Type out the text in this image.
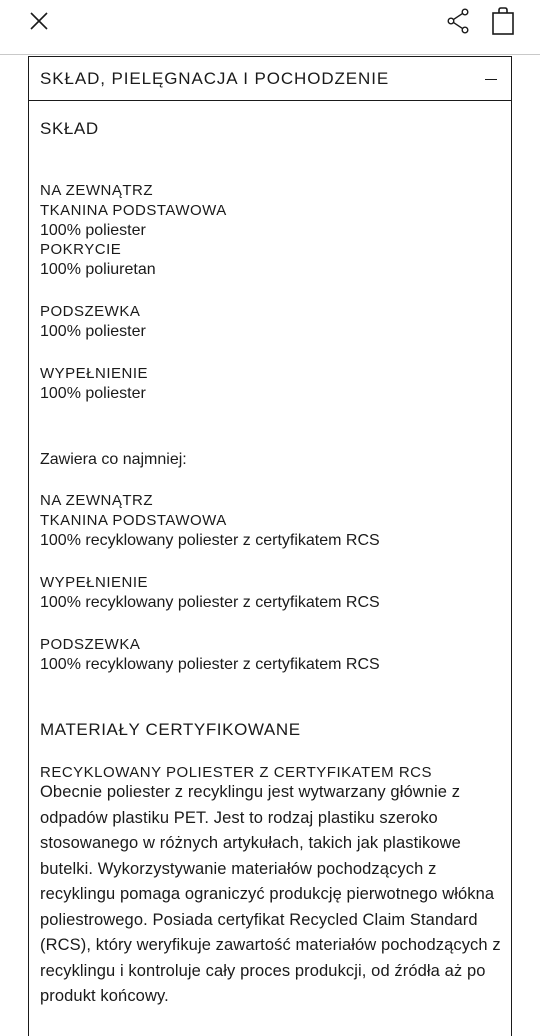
SKŁAD, PIELĘGNACJA I POCHODZENIE
SKŁAD
NA ZEWNĄTRZ
TKANINA PODSTAWOWA
100% poliester
POKRYCIE
100% poliuretan
PODSZEWKA
100% poliester
WYPEŁNIENIE
100% poliester
Zawiera co najmniej:
NA ZEWNĄTRZ
TKANINA PODSTAWOWA
100% recyklowany poliester z certyfikatem RCS
WYPEŁNIENIE
100% recyklowany poliester z certyfikatem RCS
PODSZEWKA
100% recyklowany poliester z certyfikatem RCS
MATERIAŁY CERTYFIKOWANE
RECYKLOWANY POLIESTER Z CERTYFIKATEM RCS
Obecnie poliester z recyklingu jest wytwarzany głównie z odpadów plastiku PET. Jest to rodzaj plastiku szeroko stosowanego w różnych artykułach, takich jak plastikowe butelki. Wykorzystywanie materiałów pochodzących z recyklingu pomaga ograniczyć produkcję pierwotnego włókna poliestrowego. Posiada certyfikat Recycled Claim Standard (RCS), który weryfikuje zawartość materiałów pochodzących z recyklingu i kontroluje cały proces produkcji, od źródła aż po produkt końcowy.
